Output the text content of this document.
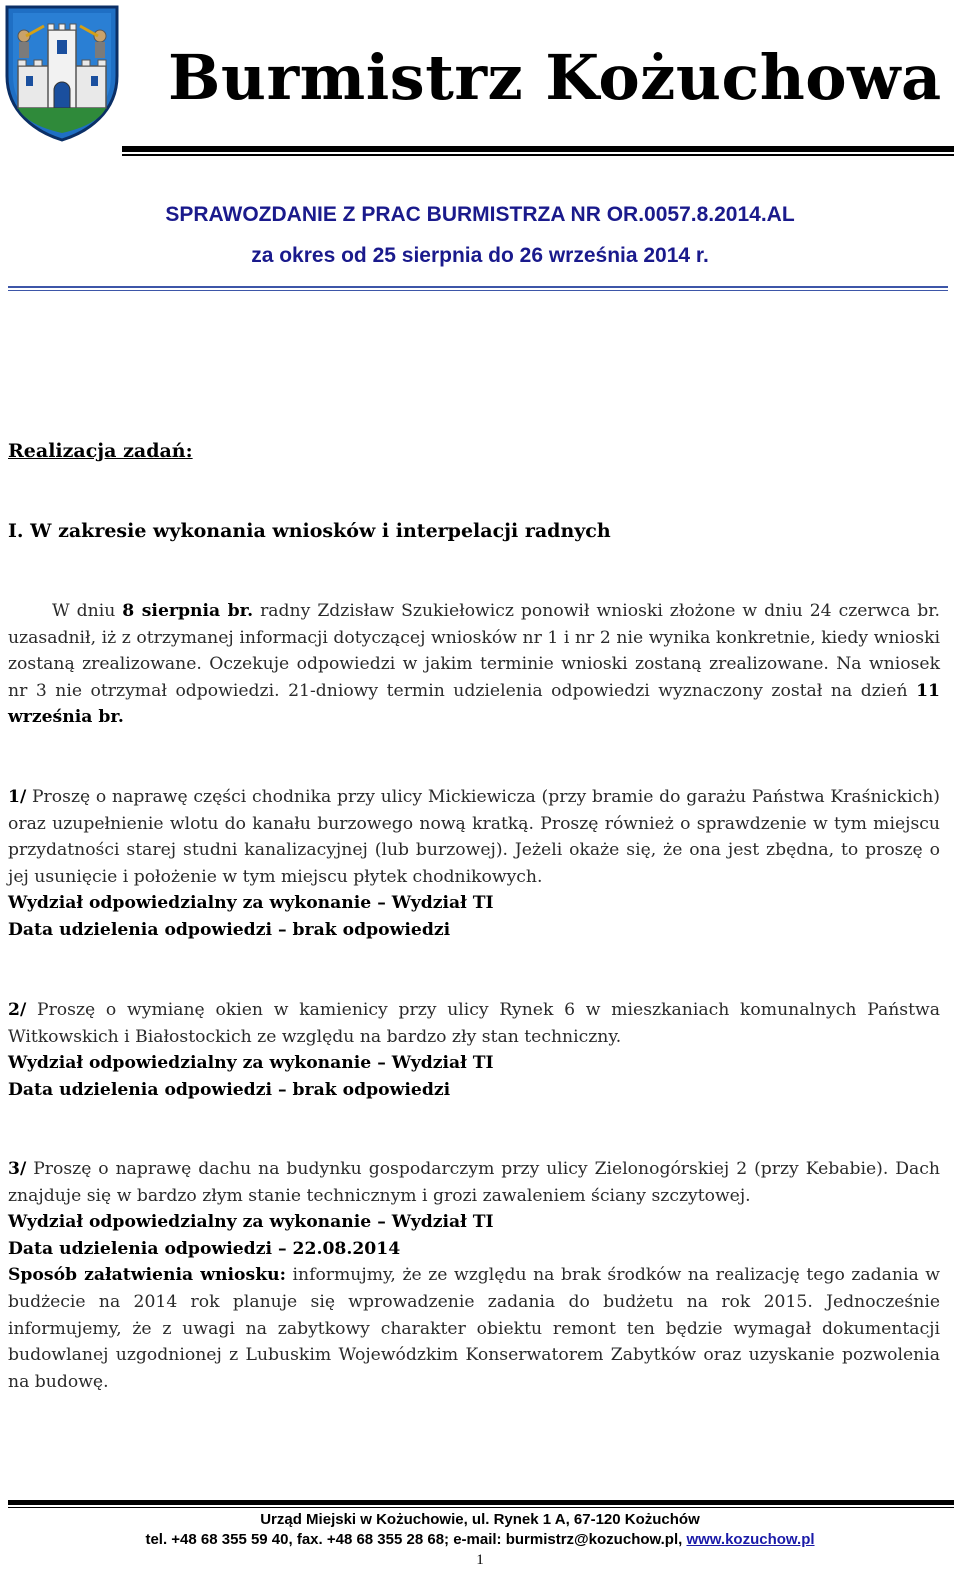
Burmistrz Kożuchowa
SPRAWOZDANIE Z PRAC BURMISTRZA NR OR.0057.8.2014.AL
za okres od 25 sierpnia do 26 września 2014 r.
Realizacja zadań:
I. W zakresie wykonania wniosków i interpelacji radnych

W dniu 8 sierpnia br. radny Zdzisław Szukiełowicz ponowił wnioski złożone w dniu 24 czerwca br. uzasadnił, iż z otrzymanej informacji dotyczącej wniosków nr 1 i nr 2 nie wynika konkretnie, kiedy wnioski zostaną zrealizowane. Oczekuje odpowiedzi w jakim terminie wnioski zostaną zrealizowane. Na wniosek nr 3 nie otrzymał odpowiedzi. 21-dniowy termin udzielenia odpowiedzi wyznaczony został na dzień 11 września br.

1/ Proszę o naprawę części chodnika przy ulicy Mickiewicza (przy bramie do garażu Państwa Kraśnickich) oraz uzupełnienie wlotu do kanału burzowego nową kratką. Proszę również o sprawdzenie w tym miejscu przydatności starej studni kanalizacyjnej (lub burzowej). Jeżeli okaże się, że ona jest zbędna, to proszę o jej usunięcie i położenie w tym miejscu płytek chodnikowych.
Wydział odpowiedzialny za wykonanie – Wydział TI
Data udzielenia odpowiedzi – brak odpowiedzi
2/ Proszę o wymianę okien w kamienicy przy ulicy Rynek 6 w mieszkaniach komunalnych Państwa Witkowskich i Białostockich ze względu na bardzo zły stan techniczny.
Wydział odpowiedzialny za wykonanie – Wydział TI
Data udzielenia odpowiedzi – brak odpowiedzi
3/ Proszę o naprawę dachu na budynku gospodarczym przy ulicy Zielonogórskiej 2 (przy Kebabie). Dach znajduje się w bardzo złym stanie technicznym i grozi zawaleniem ściany szczytowej.
Wydział odpowiedzialny za wykonanie – Wydział TI
Data udzielenia odpowiedzi – 22.08.2014
Sposób załatwienia wniosku: informujmy, że ze względu na brak środków na realizację tego zadania w budżecie na 2014 rok planuje się wprowadzenie zadania do budżetu na rok 2015. Jednocześnie informujemy, że z uwagi na zabytkowy charakter obiektu remont ten będzie wymagał dokumentacji budowlanej uzgodnionej z Lubuskim Wojewódzkim Konserwatorem Zabytków oraz uzyskanie pozwolenia na budowę.
Urząd Miejski w Kożuchowie, ul. Rynek 1 A, 67-120 Kożuchów
tel. +48 68 355 59 40, fax. +48 68 355 28 68; e-mail: burmistrz@kozuchow.pl, www.kozuchow.pl
1
